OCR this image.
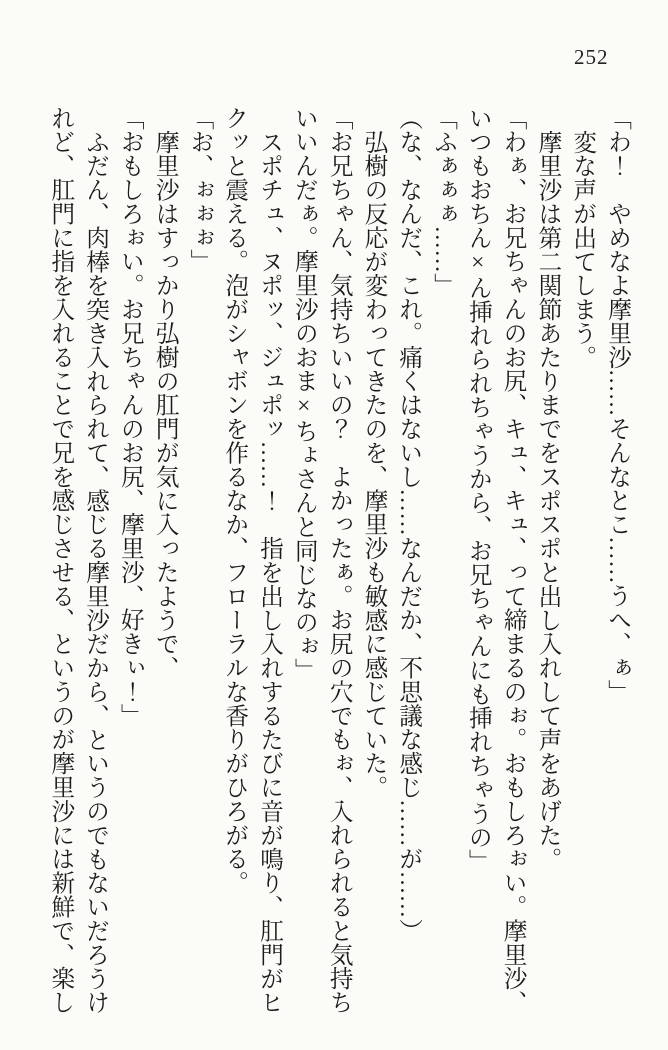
252

「わ！　やめなよ摩里沙……そんなとこ……うへ、ぁ」

変な声が出てしまう。

摩里沙は第二関節あたりまでをスポスポと出し入れして声をあげた。

「わぁ、お兄ちゃんのお尻、キュ、キュ、って締まるのぉ。おもしろぉい。摩里沙、いつもおちん×ん挿れられちゃうから、お兄ちゃんにも挿れちゃうの」

「ふぁぁぁ……」

（な、なんだ、これ。痛くはないし……なんだか、不思議な感じ……が……）

弘樹の反応が変わってきたのを、摩里沙も敏感に感じていた。

「お兄ちゃん、気持ちいいの？　よかったぁ。お尻の穴でもぉ、入れられると気持ちいいんだぁ。摩里沙のおま×ちょさんと同じなのぉ」

スポチュ、ヌポッ、ジュポッ……！　指を出し入れするたびに音が鳴り、肛門がヒクッと震える。泡がシャボンを作るなか、フローラルな香りがひろがる。

「お、ぉぉぉ」

摩里沙はすっかり弘樹の肛門が気に入ったようで、

「おもしろぉい。お兄ちゃんのお尻、摩里沙、好きぃ！」

ふだん、肉棒を突き入れられて、感じる摩里沙だから、というのでもないだろうけれど、肛門に指を入れることで兄を感じさせる、というのが摩里沙には新鮮で、楽し
